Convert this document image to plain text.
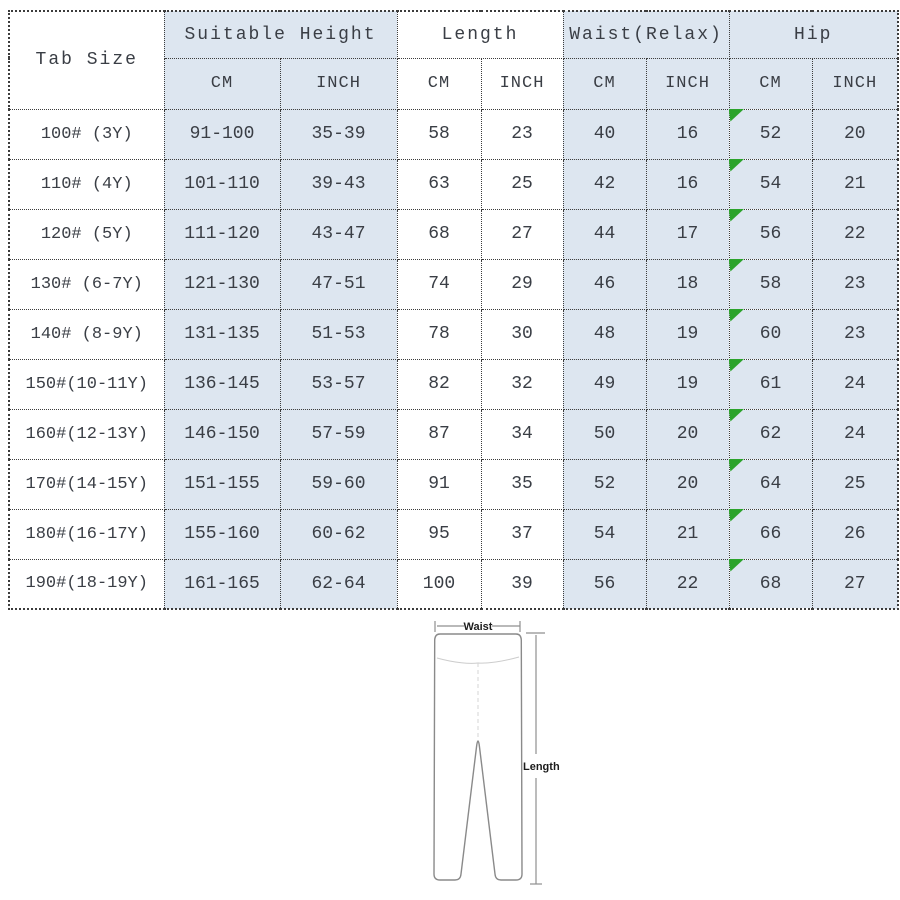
Tab Size	Suitable Height		Length		Waist(Relax)		Hip	
	CM	INCH	CM	INCH	CM	INCH	CM	INCH
100# (3Y)	91-100	35-39	58	23	40	16	52	20
110# (4Y)	101-110	39-43	63	25	42	16	54	21
120# (5Y)	111-120	43-47	68	27	44	17	56	22
130# (6-7Y)	121-130	47-51	74	29	46	18	58	23
140# (8-9Y)	131-135	51-53	78	30	48	19	60	23
150#(10-11Y)	136-145	53-57	82	32	49	19	61	24
160#(12-13Y)	146-150	57-59	87	34	50	20	62	24
170#(14-15Y)	151-155	59-60	91	35	52	20	64	25
180#(16-17Y)	155-160	60-62	95	37	54	21	66	26
190#(18-19Y)	161-165	62-64	100	39	56	22	68	27
Waist
Length
